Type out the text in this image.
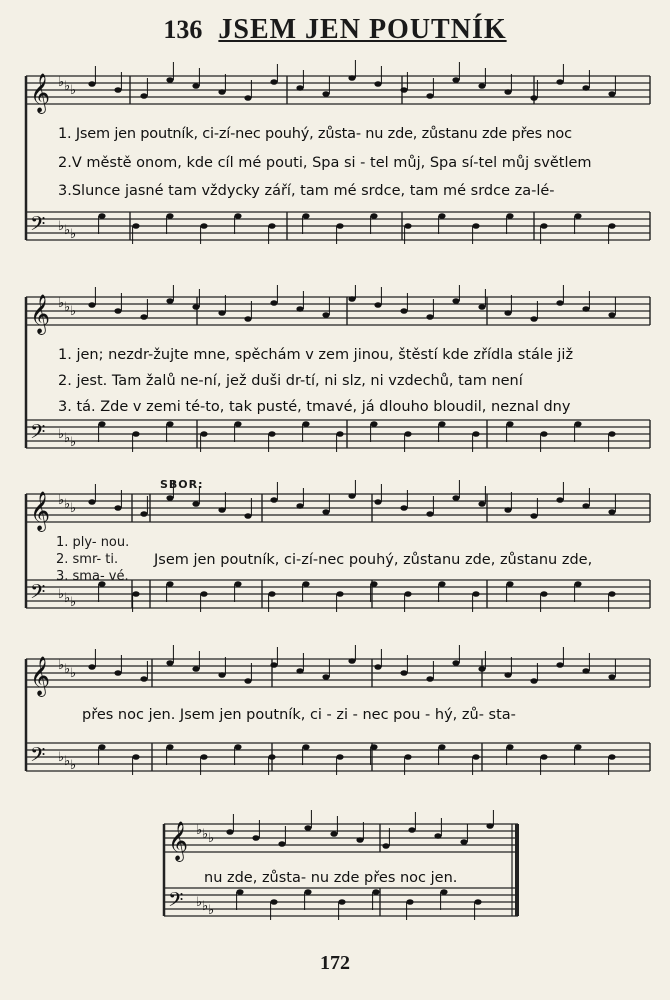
136 JSEM JEN POUTNÍK
𝄞 ♭ ♭ ♭
𝄢 ♭ ♭ ♭
1. Jsem jen poutník, ci-zí-nec pouhý, zůsta- nu zde, zůstanu zde přes noc
2.V městě onom, kde cíl mé pouti, Spa si - tel můj, Spa sí-tel můj světlem
3.Slunce jasné tam vždycky září, tam mé srdce, tam mé srdce za-lé-
𝄞 ♭ ♭ ♭
𝄢 ♭ ♭ ♭
1. jen; nezdr-žujte mne, spěchám v zem jinou, štěstí kde zřídla stále již
2. jest. Tam žalů ne-ní, jež duši dr-tí, ni slz, ni vzdechů, tam není
3. tá. Zde v zemi té-to, tak pusté, tmavé, já dlouho bloudil, neznal dny
𝄞 ♭ ♭ ♭
𝄢 ♭ ♭ ♭
SBOR:
1. ply- nou.
2. smr- ti.
3. sma- vé.
Jsem jen poutník, ci-zí-nec pouhý, zůstanu zde, zůstanu zde,
𝄞 ♭ ♭ ♭
𝄢 ♭ ♭ ♭
přes noc jen. Jsem jen poutník, ci - zi - nec pou - hý, zů- sta-
𝄞 ♭ ♭ ♭
𝄢 ♭ ♭ ♭
nu zde, zůsta- nu zde přes noc jen.
172
